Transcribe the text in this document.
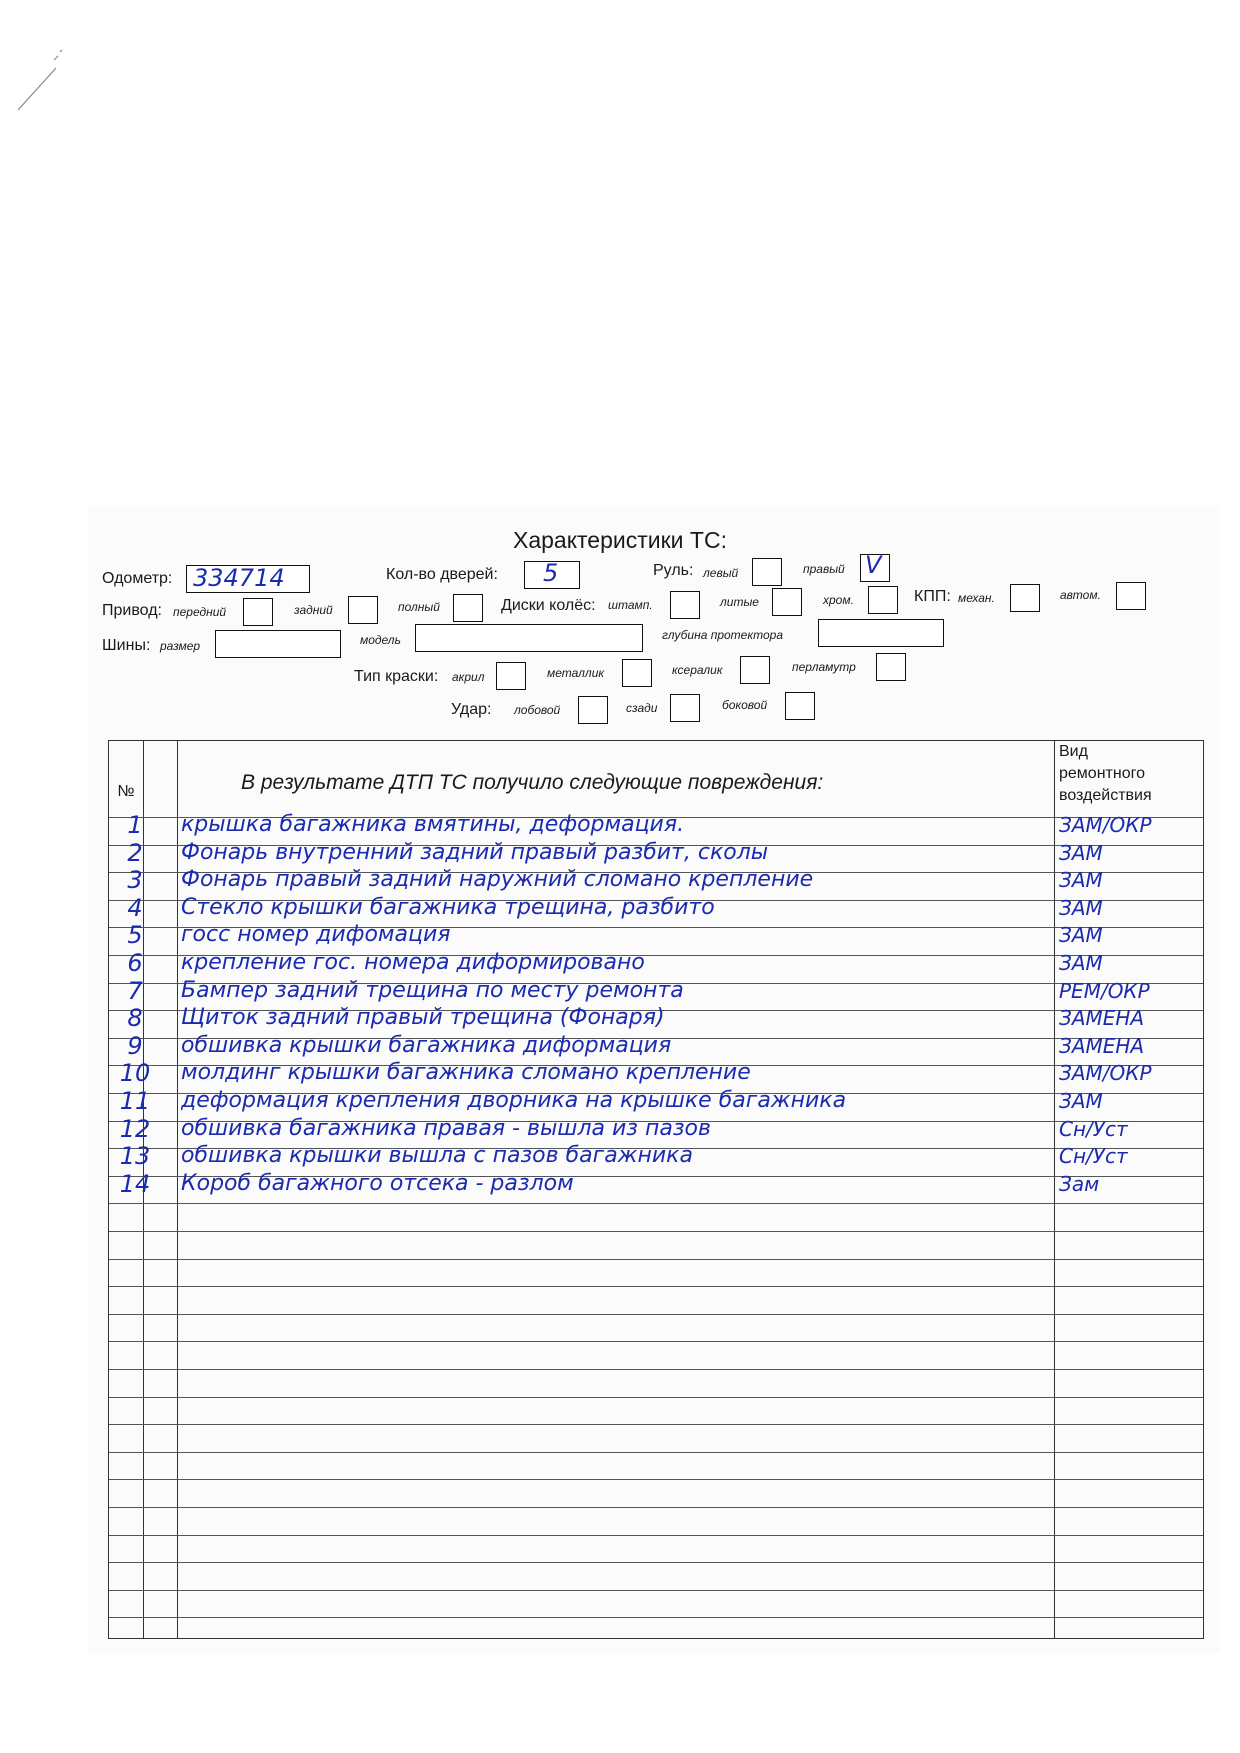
Характеристики ТС:
Одометр: 334714	Кол-во дверей: 5	Руль: левый	правый V
Привод: передний	задний	полный	Диски колёс: штамп.	литые	хром.	КПП: механ.	автом.
Шины: размер	модель	глубина протектора
Тип краски: акрил	металлик	ксералик	перламутр
Удар: лобовой	сзади	боковой
№	В результате ДТП ТС получило следующие повреждения:
Вид
ремонтного
воздействия
1	крышка багажника вмятины, деформация.	ЗАМ/ОКР
2	Фонарь внутренний задний правый разбит, сколы	ЗАМ
3	Фонарь правый задний наружний сломано крепление	ЗАМ
4	Стекло крышки багажника трещина, разбито	ЗАМ
5	госс номер дифомация	ЗАМ
6	крепление гос. номера диформировано	ЗАМ
7	Бампер задний трещина по месту ремонта	РЕМ/ОКР
8	Щиток задний правый трещина (Фонаря)	ЗАМЕНА
9	обшивка крышки багажника диформация	ЗАМЕНА
10	молдинг крышки багажника сломано крепление	ЗАМ/ОКР
11	деформация крепления дворника на крышке багажника	ЗАМ
12	обшивка багажника правая - вышла из пазов	Сн/Уст
13	обшивка крышки вышла с пазов багажника	Сн/Уст
14	Короб багажного отсека - разлом	Зам
